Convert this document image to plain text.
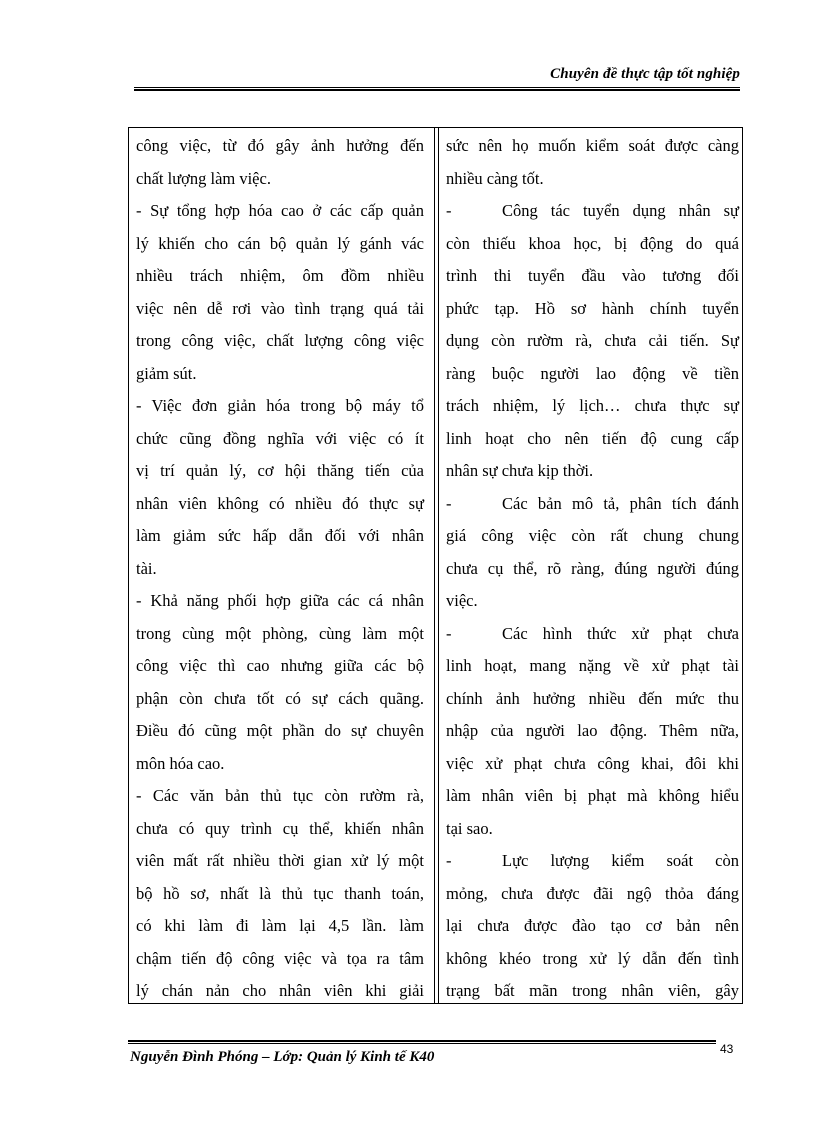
Chuyên đề thực tập tốt nghiệp
công việc, từ đó gây ảnh hưởng đến
chất lượng làm việc.
- Sự tổng hợp hóa cao ở các cấp quản
lý khiến cho cán bộ quản lý gánh vác
nhiều trách nhiệm, ôm đồm nhiều
việc nên dễ rơi vào tình trạng quá tải
trong công việc, chất lượng công việc
giảm sút.
- Việc đơn giản hóa trong bộ máy tổ
chức cũng đồng nghĩa với việc có ít
vị trí quản lý, cơ hội thăng tiến của
nhân viên không có nhiều đó thực sự
làm giảm sức hấp dẫn đối với nhân
tài.
- Khả năng phối hợp giữa các cá nhân
trong cùng một phòng, cùng làm một
công việc thì cao nhưng giữa các bộ
phận còn chưa tốt có sự cách quãng.
Điều đó cũng một phần do sự chuyên
môn hóa cao.
- Các văn bản thủ tục còn rườm rà,
chưa có quy trình cụ thể, khiến nhân
viên mất rất nhiều thời gian xử lý một
bộ hồ sơ, nhất là thủ tục thanh toán,
có khi làm đi làm lại 4,5 lần. làm
chậm tiến độ công việc và tọa ra tâm
lý chán nản cho nhân viên khi giải
sức nên họ muốn kiểm soát được càng
nhiều càng tốt.
-	Công tác tuyển dụng nhân sự
còn thiếu khoa học, bị động do quá
trình thi tuyển đầu vào tương đối
phức tạp. Hồ sơ hành chính tuyển
dụng còn rườm rà, chưa cải tiến. Sự
ràng buộc người lao động về tiền
trách nhiệm, lý lịch… chưa thực sự
linh hoạt cho nên tiến độ cung cấp
nhân sự chưa kịp thời.
-	Các bản mô tả, phân tích đánh
giá công việc còn rất chung chung
chưa cụ thể, rõ ràng, đúng người đúng
việc.
-	Các hình thức xử phạt chưa
linh hoạt, mang nặng về xử phạt tài
chính ảnh hưởng nhiều đến mức thu
nhập của người lao động. Thêm nữa,
việc xử phạt chưa công khai, đôi khi
làm nhân viên bị phạt mà không hiểu
tại sao.
-	Lực lượng kiểm soát còn
mỏng, chưa được đãi ngộ thỏa đáng
lại chưa được đào tạo cơ bản nên
không khéo trong xử lý dẫn đến tình
trạng bất mãn trong nhân viên, gây
Nguyễn Đình Phóng – Lớp: Quản lý Kinh tế K40	43
